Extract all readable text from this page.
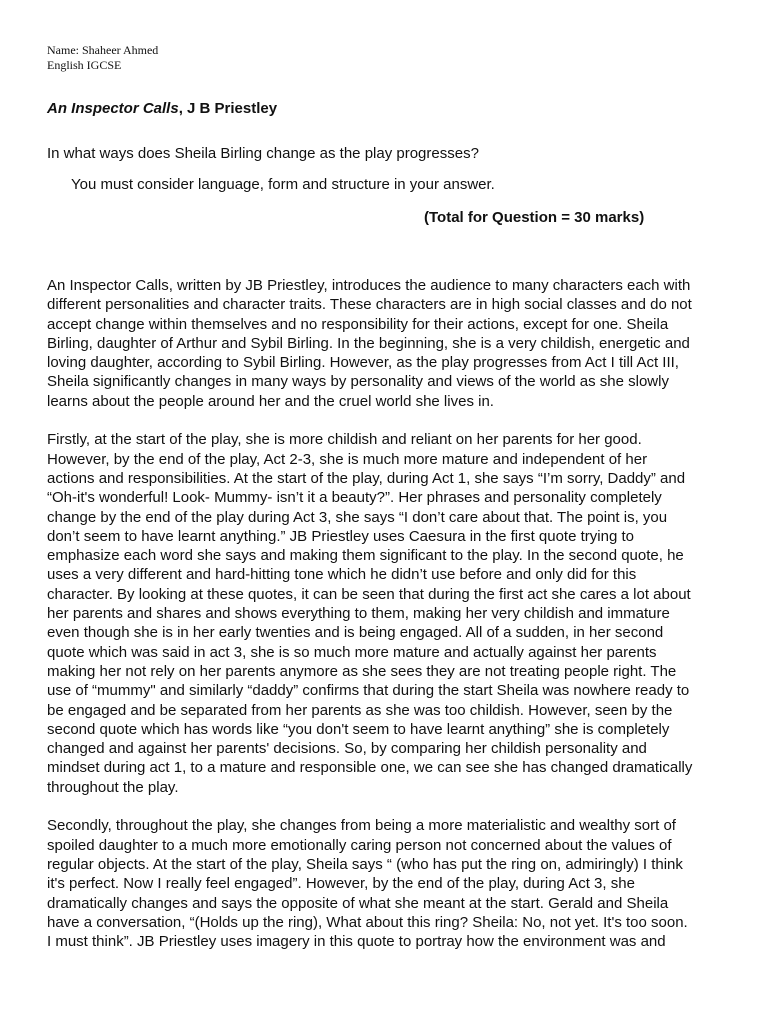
Name: Shaheer Ahmed
English IGCSE
An Inspector Calls, J B Priestley
In what ways does Sheila Birling change as the play progresses?
You must consider language, form and structure in your answer.
(Total for Question = 30 marks)
An Inspector Calls, written by JB Priestley, introduces the audience to many characters each with
different personalities and character traits. These characters are in high social classes and do not
accept change within themselves and no responsibility for their actions, except for one. Sheila
Birling, daughter of Arthur and Sybil Birling. In the beginning, she is a very childish, energetic and
loving daughter, according to Sybil Birling. However, as the play progresses from Act I till Act III,
Sheila significantly changes in many ways by personality and views of the world as she slowly
learns about the people around her and the cruel world she lives in.
Firstly, at the start of the play, she is more childish and reliant on her parents for her good.
However, by the end of the play, Act 2-3, she is much more mature and independent of her
actions and responsibilities. At the start of the play, during Act 1, she says “I’m sorry, Daddy” and
“Oh-it's wonderful! Look- Mummy- isn’t it a beauty?”. Her phrases and personality completely
change by the end of the play during Act 3, she says “I don’t care about that. The point is, you
don’t seem to have learnt anything.” JB Priestley uses Caesura in the first quote trying to
emphasize each word she says and making them significant to the play. In the second quote, he
uses a very different and hard-hitting tone which he didn’t use before and only did for this
character. By looking at these quotes, it can be seen that during the first act she cares a lot about
her parents and shares and shows everything to them, making her very childish and immature
even though she is in her early twenties and is being engaged. All of a sudden, in her second
quote which was said in act 3, she is so much more mature and actually against her parents
making her not rely on her parents anymore as she sees they are not treating people right. The
use of “mummy" and similarly “daddy” confirms that during the start Sheila was nowhere ready to
be engaged and be separated from her parents as she was too childish. However, seen by the
second quote which has words like “you don't seem to have learnt anything” she is completely
changed and against her parents' decisions. So, by comparing her childish personality and
mindset during act 1, to a mature and responsible one, we can see she has changed dramatically
throughout the play.
Secondly, throughout the play, she changes from being a more materialistic and wealthy sort of
spoiled daughter to a much more emotionally caring person not concerned about the values of
regular objects. At the start of the play, Sheila says “ (who has put the ring on, admiringly) I think
it's perfect. Now I really feel engaged”. However, by the end of the play, during Act 3, she
dramatically changes and says the opposite of what she meant at the start. Gerald and Sheila
have a conversation, “(Holds up the ring), What about this ring? Sheila: No, not yet. It's too soon.
I must think”. JB Priestley uses imagery in this quote to portray how the environment was and
